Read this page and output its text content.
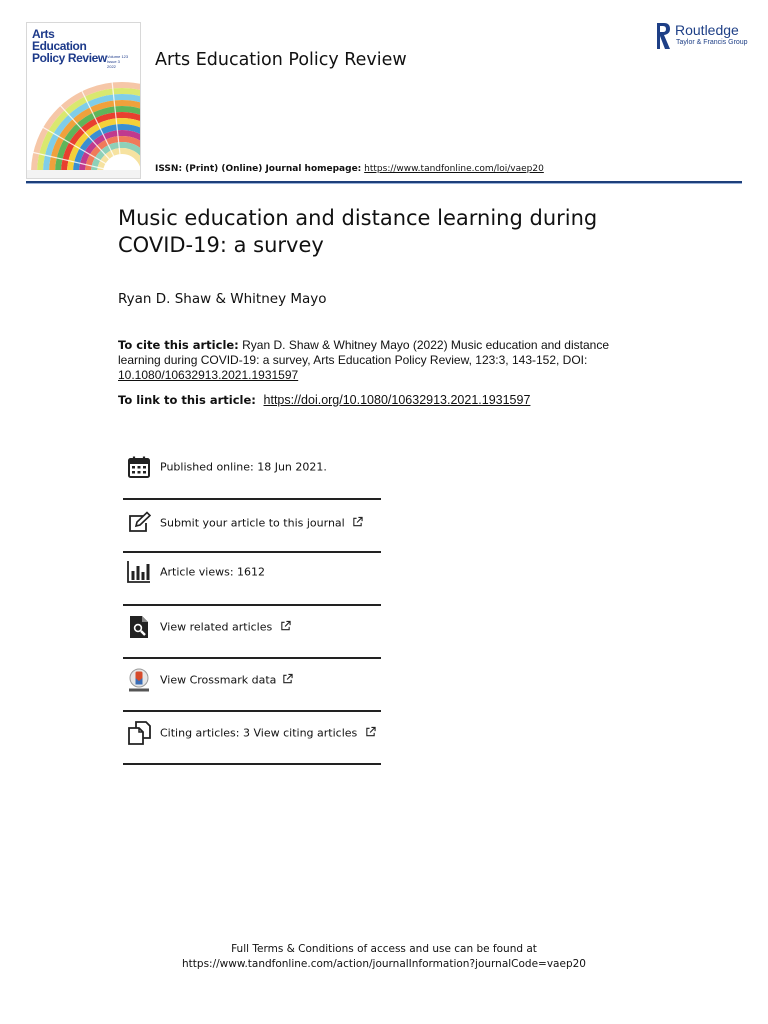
Arts
Education
Policy Review Volume 123
Issue 3
2022	Arts Education Policy Review
ISSN: (Print) (Online) Journal homepage: https://www.tandfonline.com/loi/vaep20
Routledge
Taylor & Francis Group
Music education and distance learning during COVID-19: a survey
Ryan D. Shaw & Whitney Mayo
To cite this article: Ryan D. Shaw & Whitney Mayo (2022) Music education and distance learning during COVID-19: a survey, Arts Education Policy Review, 123:3, 143-152, DOI: 10.1080/10632913.2021.1931597
To link to this article: https://doi.org/10.1080/10632913.2021.1931597
Published online: 18 Jun 2021.
Submit your article to this journal
Article views: 1612
View related articles
View Crossmark data
Citing articles: 3 View citing articles
Full Terms & Conditions of access and use can be found at
https://www.tandfonline.com/action/journalInformation?journalCode=vaep20
